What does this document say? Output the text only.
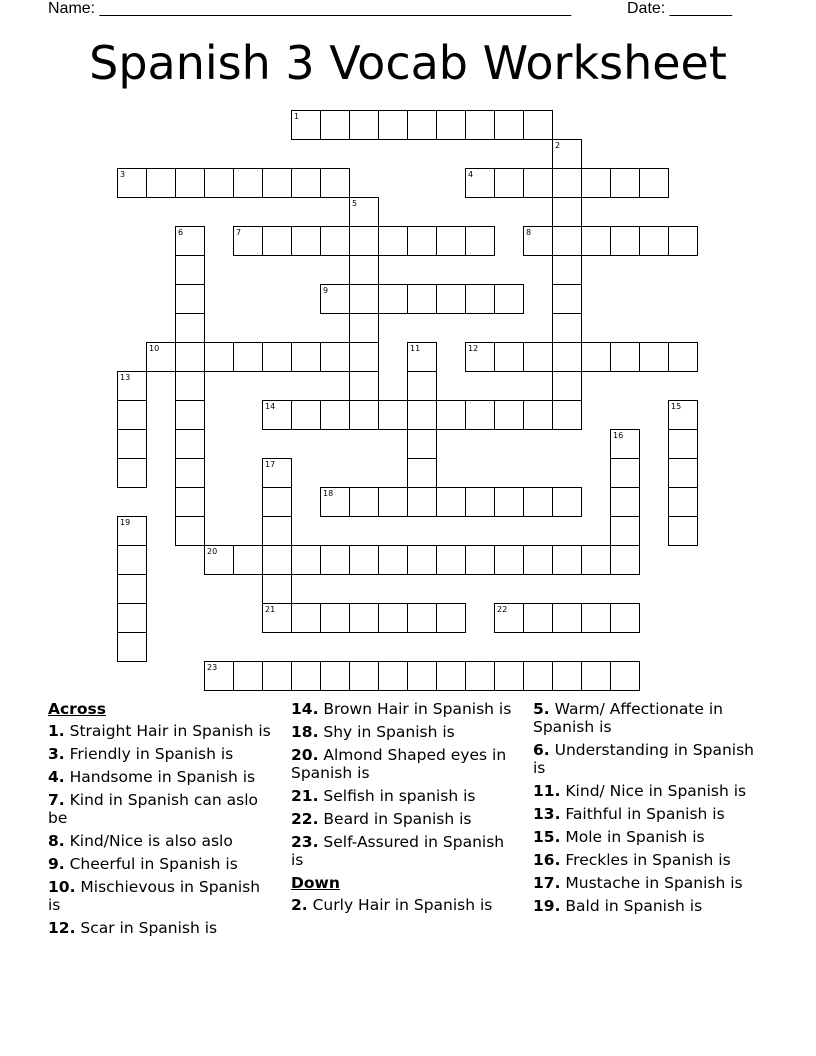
Name: _____________________________________________________	Date: _______
Spanish 3 Vocab Worksheet
1
2
3	4
5
6	7	8
9
10	11	12
13
14	15
16
17
21
18
19
20
22
23
Across
1. Straight Hair in Spanish is
3. Friendly in Spanish is
4. Handsome in Spanish is
7. Kind in Spanish can aslo be
8. Kind/Nice is also aslo
9. Cheerful in Spanish is
10. Mischievous in Spanish is
12. Scar in Spanish is
14. Brown Hair in Spanish is
18. Shy in Spanish is
20. Almond Shaped eyes in Spanish is
21. Selfish in spanish is
22. Beard in Spanish is
23. Self-Assured in Spanish is
Down
2. Curly Hair in Spanish is
5. Warm/ Affectionate in Spanish is
6. Understanding in Spanish is
11. Kind/ Nice in Spanish is
13. Faithful in Spanish is
15. Mole in Spanish is
16. Freckles in Spanish is
17. Mustache in Spanish is
19. Bald in Spanish is
